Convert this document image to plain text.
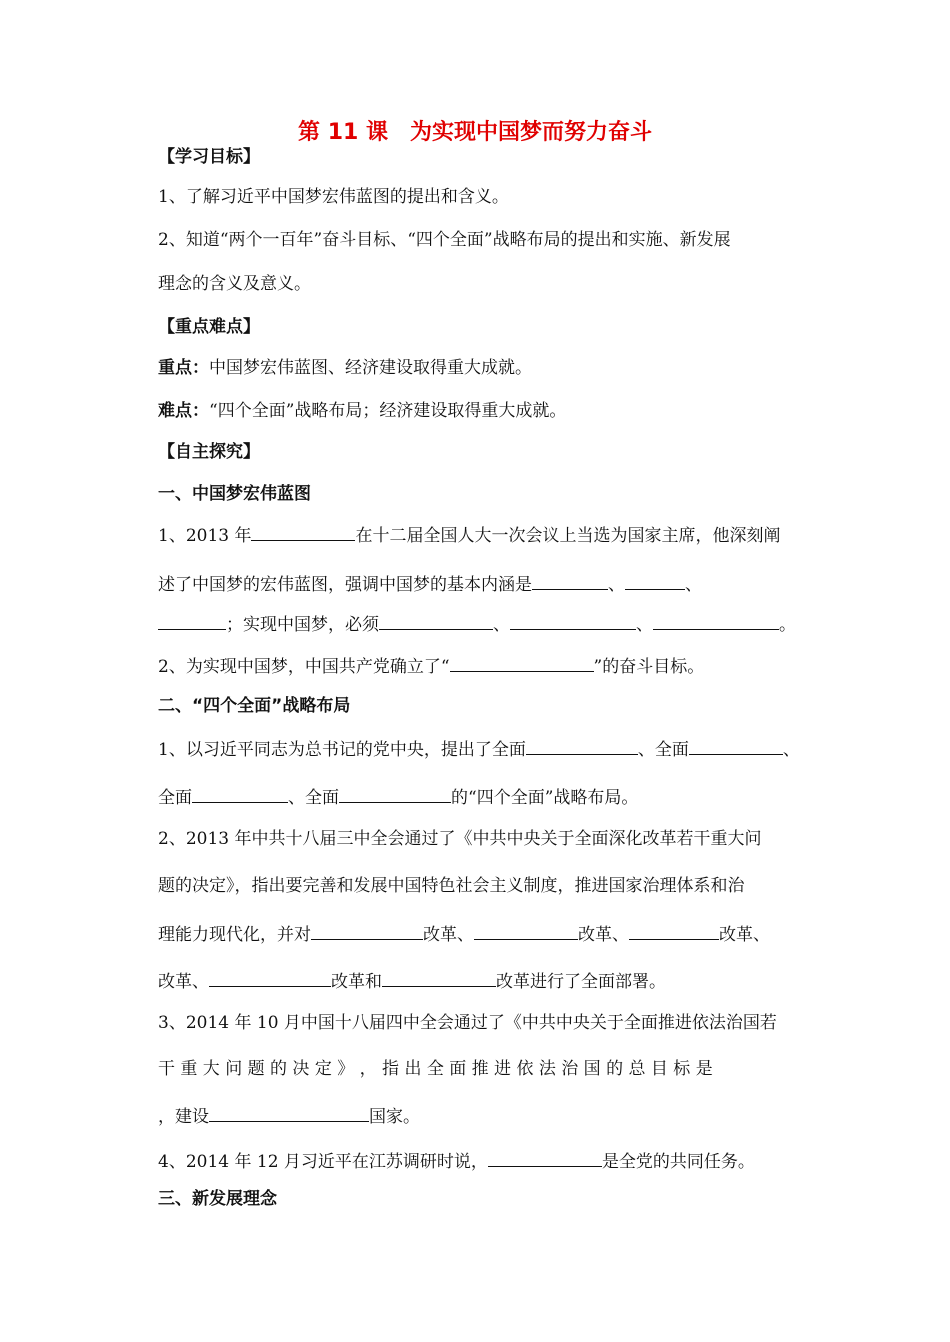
第 11 课　为实现中国梦而努力奋斗
【学习目标】
1、了解习近平中国梦宏伟蓝图的提出和含义。
2、知道“两个一百年”奋斗目标、“四个全面”战略布局的提出和实施、新发展
理念的含义及意义。
【重点难点】
重点：中国梦宏伟蓝图、经济建设取得重大成就。
难点：“四个全面”战略布局；经济建设取得重大成就。
【自主探究】
一、中国梦宏伟蓝图
1、2013 年	在十二届全国人大一次会议上当选为国家主席，他深刻阐
述了中国梦的宏伟蓝图，强调中国梦的基本内涵是	、	、
；实现中国梦，必须	、	、	。
2、为实现中国梦，中国共产党确立了“	”的奋斗目标。
二、“四个全面”战略布局
1、以习近平同志为总书记的党中央，提出了全面	、全面	、
全面	、全面	的“四个全面”战略布局。
2、2013 年中共十八届三中全会通过了《中共中央关于全面深化改革若干重大问
题的决定》，指出要完善和发展中国特色社会主义制度，推进国家治理体系和治
理能力现代化，并对	改革、	改革、	改革、
改革、	改革和	改革进行了全面部署。
3、2014 年 10 月中国十八届四中全会通过了《中共中央关于全面推进依法治国若
干 重 大 问 题 的 决 定 》 ， 指 出 全 面 推 进 依 法 治 国 的 总 目 标 是
，建设	国家。
4、2014 年 12 月习近平在江苏调研时说，	是全党的共同任务。
三、新发展理念
